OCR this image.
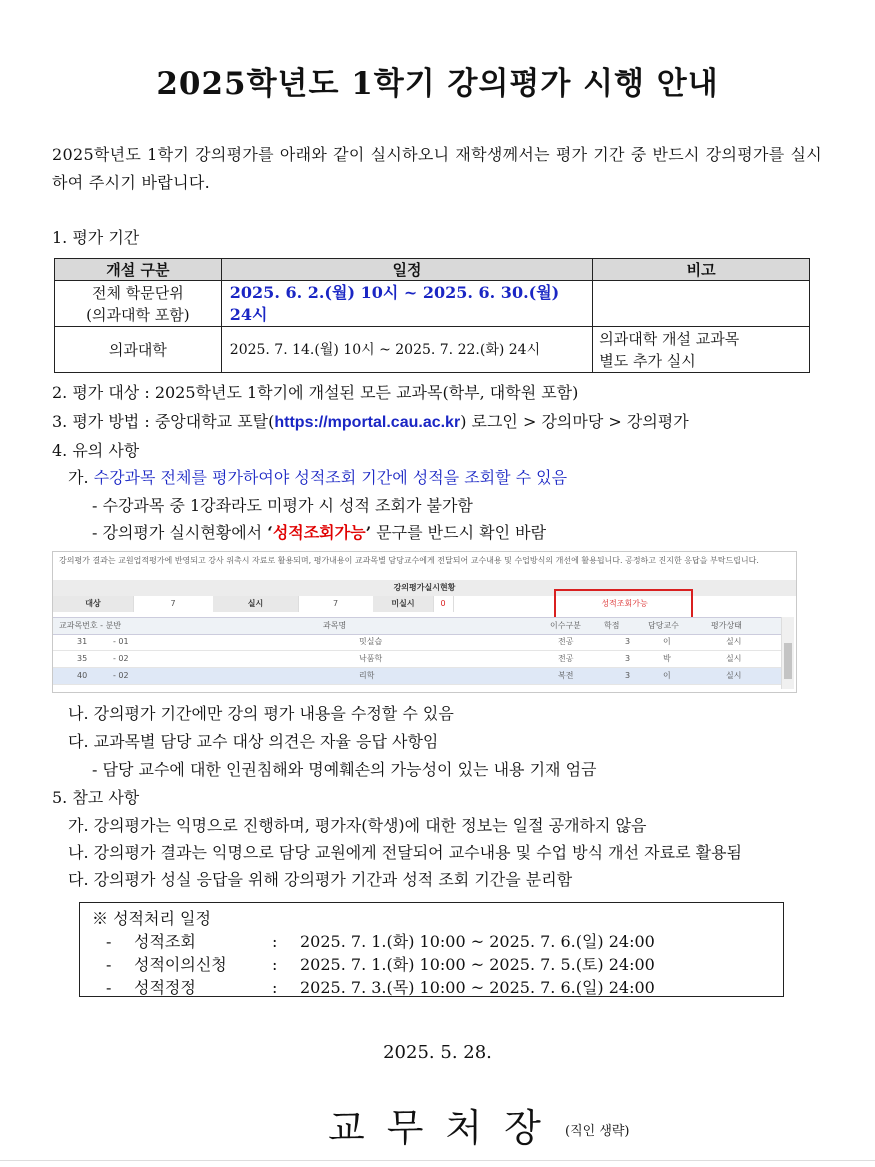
2025학년도 1학기 강의평가 시행 안내
2025학년도 1학기 강의평가를 아래와 같이 실시하오니 재학생께서는 평가 기간 중 반드시 강의평가를 실시하여 주시기 바랍니다.
1. 평가 기간
개설 구분	일정	비고

전체 학문단위
(의과대학 포함)	2025. 6. 2.(월) 10시 ~ 2025. 6. 30.(월) 24시	
의과대학	2025. 7. 14.(월) 10시 ~ 2025. 7. 22.(화) 24시	의과대학 개설 교과목
별도 추가 실시
2. 평가 대상 : 2025학년도 1학기에 개설된 모든 교과목(학부, 대학원 포함)
3. 평가 방법 : 중앙대학교 포탈(https://mportal.cau.ac.kr) 로그인 > 강의마당 > 강의평가
4. 유의 사항
가. 수강과목 전체를 평가하여야 성적조회 기간에 성적을 조회할 수 있음
- 수강과목 중 1강좌라도 미평가 시 성적 조회가 불가함
- 강의평가 실시현황에서 ‘성적조회가능’ 문구를 반드시 확인 바람
강의평가 결과는 교원업적평가에 반영되고 강사 위촉시 자료로 활용되며, 평가내용이 교과목별 담당교수에게 전달되어 교수내용 및 수업방식의 개선에 활용됩니다. 공정하고 진지한 응답을 부탁드립니다.
강의평가실시현황
대상	7	실시	7	미실시	0	성적조회가능
교과목번호 - 분반	과목명	이수구분	학점	담당교수	평가상태
31	- 01	밋실습	전공	3	이	실시
35	- 02	낙품학	전공	3	박	실시
40	- 02	리학	복전	3	이	실시
나. 강의평가 기간에만 강의 평가 내용을 수정할 수 있음
다. 교과목별 담당 교수 대상 의견은 자율 응답 사항임
- 담당 교수에 대한 인권침해와 명예훼손의 가능성이 있는 내용 기재 엄금
5. 참고 사항
가. 강의평가는 익명으로 진행하며, 평가자(학생)에 대한 정보는 일절 공개하지 않음
나. 강의평가 결과는 익명으로 담당 교원에게 전달되어 교수내용 및 수업 방식 개선 자료로 활용됨
다. 강의평가 성실 응답을 위해 강의평가 기간과 성적 조회 기간을 분리함
※ 성적처리 일정
- 성적조회	: 2025. 7. 1.(화) 10:00 ~ 2025. 7. 6.(일) 24:00
- 성적이의신청	: 2025. 7. 1.(화) 10:00 ~ 2025. 7. 5.(토) 24:00
- 성적정정	: 2025. 7. 3.(목) 10:00 ~ 2025. 7. 6.(일) 24:00
2025. 5. 28.
교무처장 (직인 생략)
